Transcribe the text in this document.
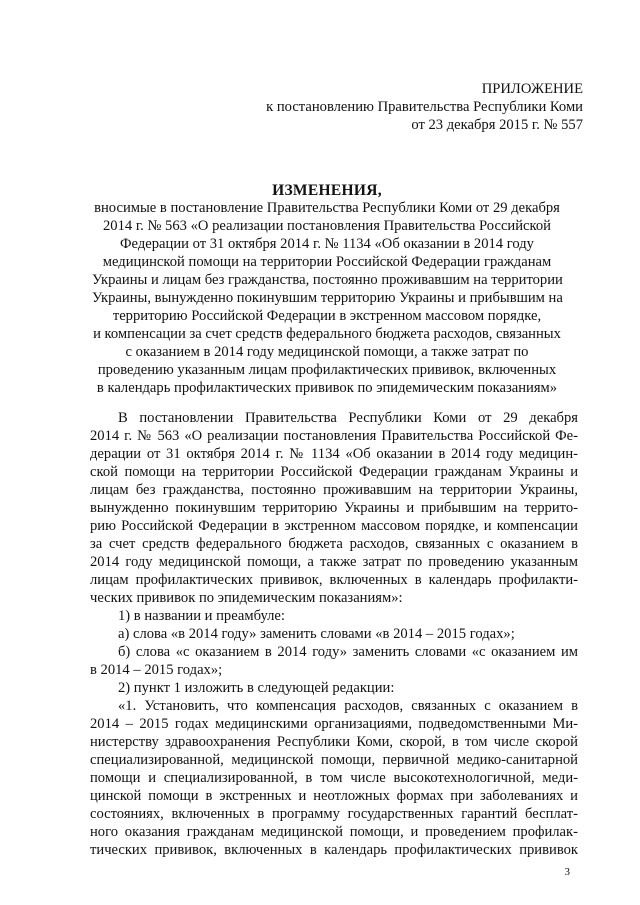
ПРИЛОЖЕНИЕ
к постановлению Правительства Республики Коми
от 23 декабря 2015 г. № 557
ИЗМЕНЕНИЯ,
вносимые в постановление Правительства Республики Коми от 29 декабря
2014 г. № 563 «О реализации постановления Правительства Российской
Федерации от 31 октября 2014 г. № 1134 «Об оказании в 2014 году
медицинской помощи на территории Российской Федерации гражданам
Украины и лицам без гражданства, постоянно проживавшим на территории
Украины, вынужденно покинувшим территорию Украины и прибывшим на
территорию Российской Федерации в экстренном массовом порядке,
и компенсации за счет средств федерального бюджета расходов, связанных
с оказанием в 2014 году медицинской помощи, а также затрат по
проведению указанным лицам профилактических прививок, включенных
в календарь профилактических прививок по эпидемическим показаниям»
В постановлении Правительства Республики Коми от 29 декабря
2014 г. № 563 «О реализации постановления Правительства Российской Фе-
дерации от 31 октября 2014 г. № 1134 «Об оказании в 2014 году медицин-
ской помощи на территории Российской Федерации гражданам Украины и
лицам без гражданства, постоянно проживавшим на территории Украины,
вынужденно покинувшим территорию Украины и прибывшим на террито-
рию Российской Федерации в экстренном массовом порядке, и компенсации
за счет средств федерального бюджета расходов, связанных с оказанием в
2014 году медицинской помощи, а также затрат по проведению указанным
лицам профилактических прививок, включенных в календарь профилакти-
ческих прививок по эпидемическим показаниям»:
1) в названии и преамбуле:
а) слова «в 2014 году» заменить словами «в 2014 – 2015 годах»;
б) слова «с оказанием в 2014 году» заменить словами «с оказанием им
в 2014 – 2015 годах»;
2) пункт 1 изложить в следующей редакции:
«1. Установить, что компенсация расходов, связанных с оказанием в
2014 – 2015 годах медицинскими организациями, подведомственными Ми-
нистерству здравоохранения Республики Коми, скорой, в том числе скорой
специализированной, медицинской помощи, первичной медико-санитарной
помощи и специализированной, в том числе высокотехнологичной, меди-
цинской помощи в экстренных и неотложных формах при заболеваниях и
состояниях, включенных в программу государственных гарантий бесплат-
ного оказания гражданам медицинской помощи, и проведением профилак-
тических прививок, включенных в календарь профилактических прививок
3
